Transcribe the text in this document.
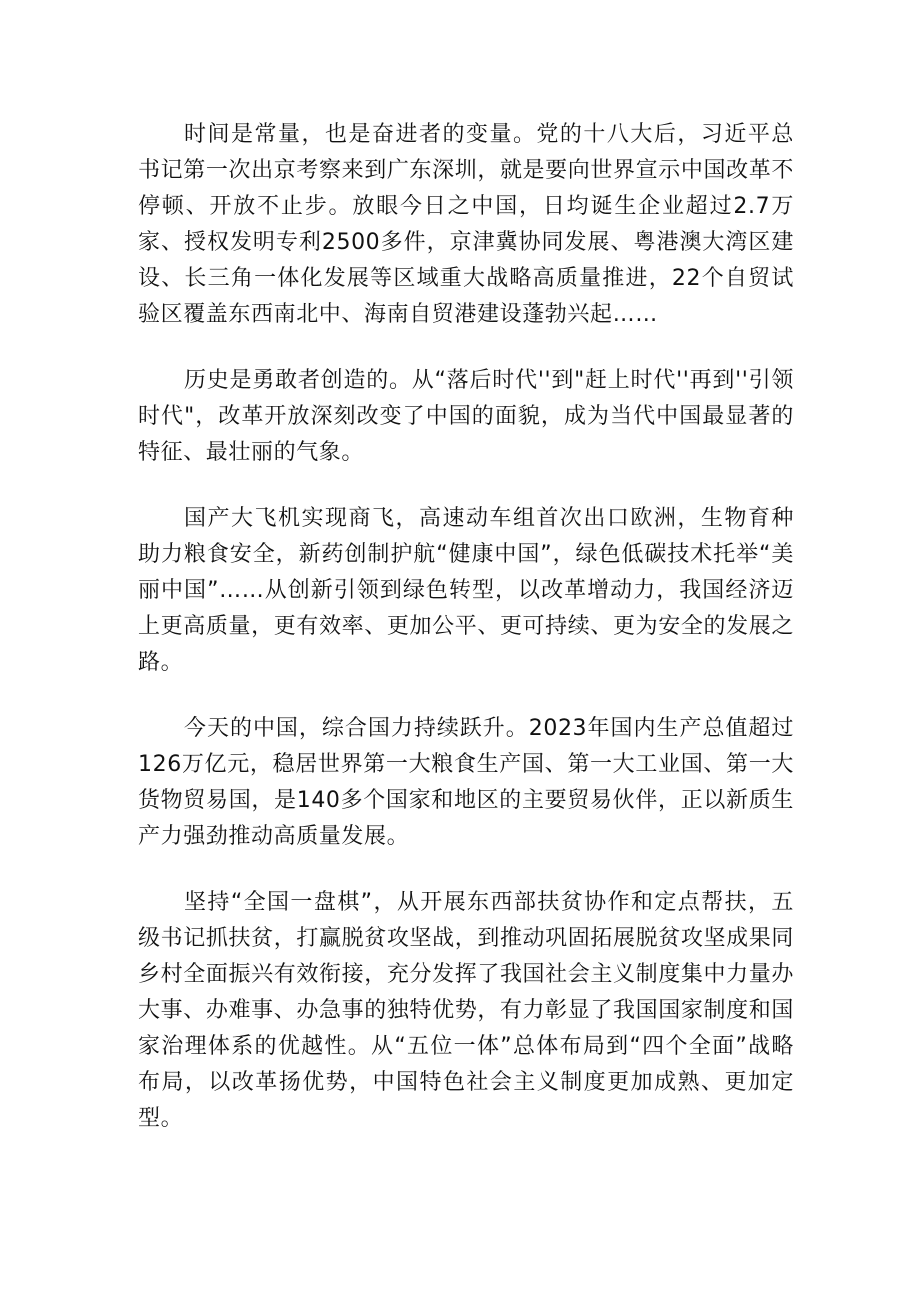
时间是常量，也是奋进者的变量。党的十八大后，习近平总书记第一次出京考察来到广东深圳，就是要向世界宣示中国改革不停顿、开放不止步。放眼今日之中国，日均诞生企业超过2.7万家、授权发明专利2500多件，京津冀协同发展、粤港澳大湾区建设、长三角一体化发展等区域重大战略高质量推进，22个自贸试验区覆盖东西南北中、海南自贸港建设蓬勃兴起……

历史是勇敢者创造的。从“落后时代''到"赶上时代''再到''引领时代"，改革开放深刻改变了中国的面貌，成为当代中国最显著的特征、最壮丽的气象。

国产大飞机实现商飞，高速动车组首次出口欧洲，生物育种助力粮食安全，新药创制护航“健康中国”，绿色低碳技术托举“美丽中国”……从创新引领到绿色转型，以改革增动力，我国经济迈上更高质量，更有效率、更加公平、更可持续、更为安全的发展之路。

今天的中国，综合国力持续跃升。2023年国内生产总值超过126万亿元，稳居世界第一大粮食生产国、第一大工业国、第一大货物贸易国，是140多个国家和地区的主要贸易伙伴，正以新质生产力强劲推动高质量发展。

坚持“全国一盘棋”，从开展东西部扶贫协作和定点帮扶，五级书记抓扶贫，打赢脱贫攻坚战，到推动巩固拓展脱贫攻坚成果同乡村全面振兴有效衔接，充分发挥了我国社会主义制度集中力量办大事、办难事、办急事的独特优势，有力彰显了我国国家制度和国家治理体系的优越性。从“五位一体”总体布局到“四个全面”战略布局，以改革扬优势，中国特色社会主义制度更加成熟、更加定型。
